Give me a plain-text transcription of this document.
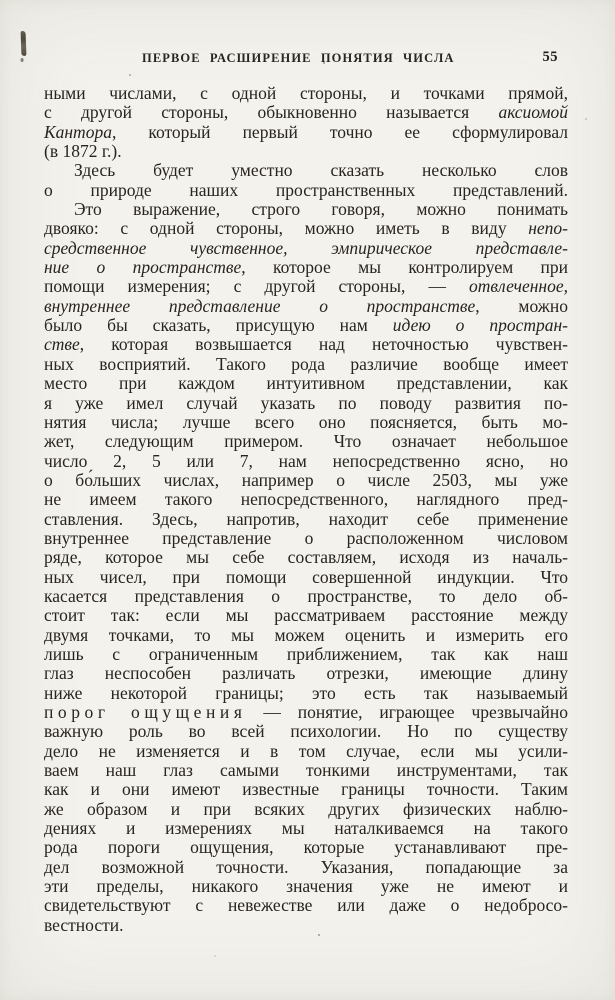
ПЕРВОЕ РАСШИРЕНИЕ ПОНЯТИЯ ЧИСЛА	55
ными числами, с одной стороны, и точками прямой,
с другой стороны, обыкновенно называется аксиомой
Кантора, который первый точно ее сформулировал
(в 1872 г.).
Здесь будет уместно сказать несколько слов
о природе наших пространственных представлений.
Это выражение, строго говоря, можно понимать
двояко: с одной стороны, можно иметь в виду непо-
средственное чувственное, эмпирическое представле-
ние о пространстве, которое мы контролируем при
помощи измерения; с другой стороны, — отвлеченное,
внутреннее представление о пространстве, можно
было бы сказать, присущую нам идею о простран-
стве, которая возвышается над неточностью чувствен-
ных восприятий. Такого рода различие вообще имеет
место при каждом интуитивном представлении, как
я уже имел случай указать по поводу развития по-
нятия числа; лучше всего оно поясняется, быть мо-
жет, следующим примером. Что означает небольшое
число 2, 5 или 7, нам непосредственно ясно, но
о бо́льших числах, например о числе 2503, мы уже
не имеем такого непосредственного, наглядного пред-
ставления. Здесь, напротив, находит себе применение
внутреннее представление о расположенном числовом
ряде, которое мы себе составляем, исходя из началь-
ных чисел, при помощи совершенной индукции. Что
касается представления о пространстве, то дело об-
стоит так: если мы рассматриваем расстояние между
двумя точками, то мы можем оценить и измерить его
лишь с ограниченным приближением, так как наш
глаз неспособен различать отрезки, имеющие длину
ниже некоторой границы; это есть так называемый
порог ощущения — понятие, играющее чрезвычайно
важную роль во всей психологии. Но по существу
дело не изменяется и в том случае, если мы усили-
ваем наш глаз самыми тонкими инструментами, так
как и они имеют известные границы точности. Таким
же образом и при всяких других физических наблю-
дениях и измерениях мы наталкиваемся на такого
рода пороги ощущения, которые устанавливают пре-
дел возможной точности. Указания, попадающие за
эти пределы, никакого значения уже не имеют и
свидетельствуют с невежестве или даже о недобросо-
вестности.
